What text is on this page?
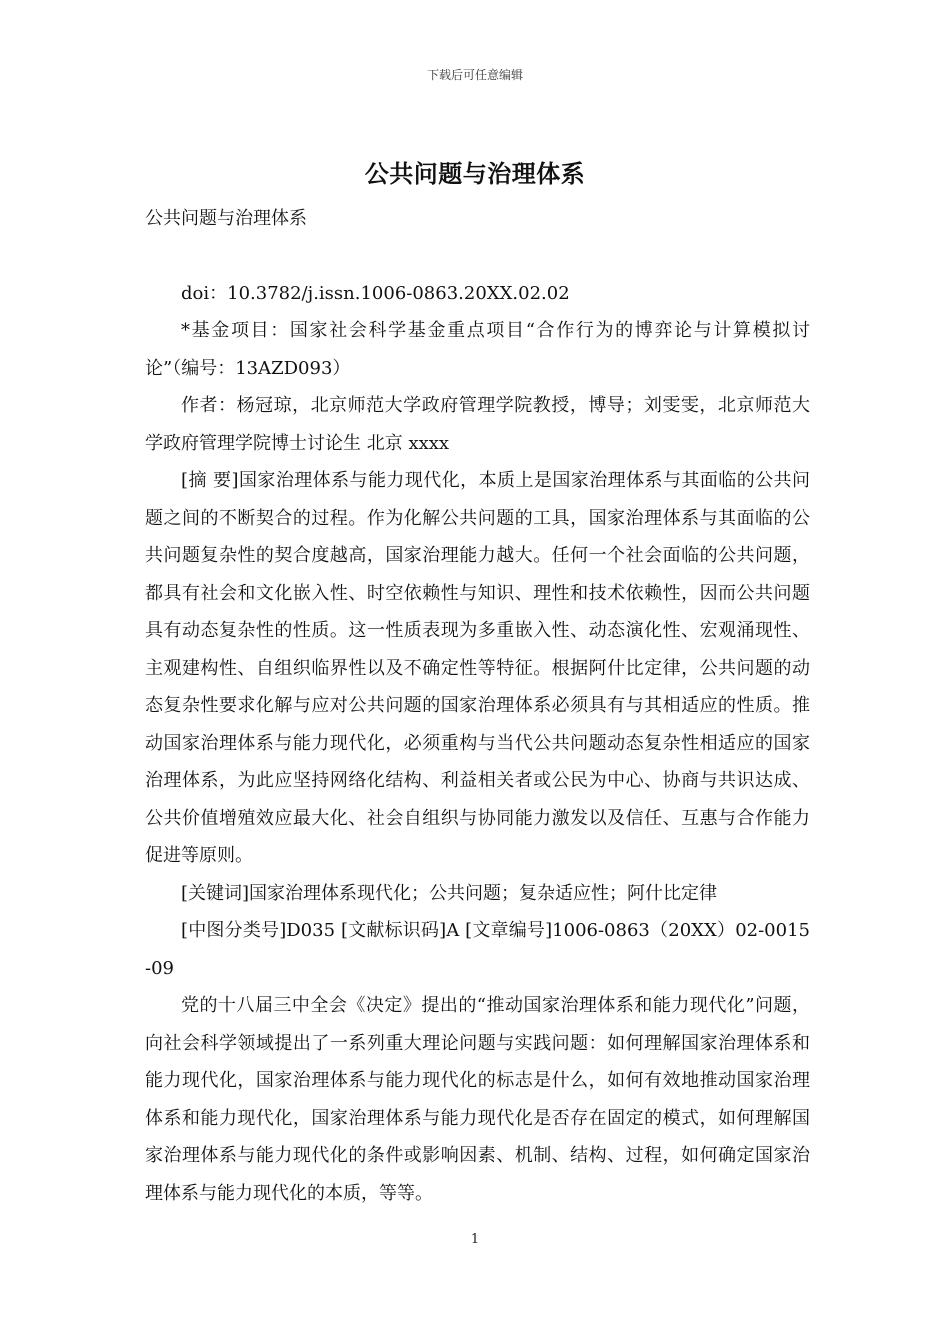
下载后可任意编辑
公共问题与治理体系

公共问题与治理体系

doi：10.3782/j.issn.1006-0863.20XX.02.02

*基金项目：国家社会科学基金重点项目“合作行为的博弈论与计算模拟讨论”（编号：13AZD093）

作者：杨冠琼，北京师范大学政府管理学院教授，博导；刘雯雯，北京师范大学政府管理学院博士讨论生 北京 xxxx

[摘 要]国家治理体系与能力现代化，本质上是国家治理体系与其面临的公共问题之间的不断契合的过程。作为化解公共问题的工具，国家治理体系与其面临的公共问题复杂性的契合度越高，国家治理能力越大。任何一个社会面临的公共问题，都具有社会和文化嵌入性、时空依赖性与知识、理性和技术依赖性，因而公共问题具有动态复杂性的性质。这一性质表现为多重嵌入性、动态演化性、宏观涌现性、主观建构性、自组织临界性以及不确定性等特征。根据阿什比定律，公共问题的动态复杂性要求化解与应对公共问题的国家治理体系必须具有与其相适应的性质。推动国家治理体系与能力现代化，必须重构与当代公共问题动态复杂性相适应的国家治理体系，为此应坚持网络化结构、利益相关者或公民为中心、协商与共识达成、公共价值增殖效应最大化、社会自组织与协同能力激发以及信任、互惠与合作能力促进等原则。

[关键词]国家治理体系现代化；公共问题；复杂适应性；阿什比定律

[中图分类号]D035 [文献标识码]A [文章编号]1006-0863（20XX）02-0015-09

党的十八届三中全会《决定》提出的“推动国家治理体系和能力现代化”问题，向社会科学领域提出了一系列重大理论问题与实践问题：如何理解国家治理体系和能力现代化，国家治理体系与能力现代化的标志是什么，如何有效地推动国家治理体系和能力现代化，国家治理体系与能力现代化是否存在固定的模式，如何理解国家治理体系与能力现代化的条件或影响因素、机制、结构、过程，如何确定国家治理体系与能力现代化的本质，等等。

1
